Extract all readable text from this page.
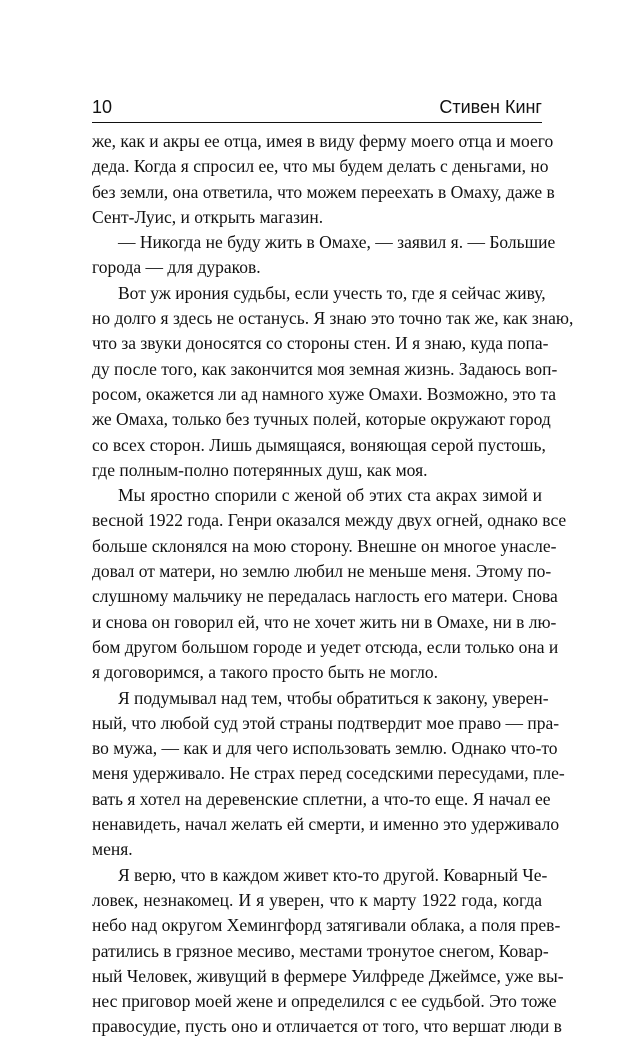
10	Стивен Кинг

же, как и акры ее отца, имея в виду ферму моего отца и моего
деда. Когда я спросил ее, что мы будем делать с деньгами, но
без земли, она ответила, что можем переехать в Омаху, даже в
Сент-Луис, и открыть магазин.

— Никогда не буду жить в Омахе, — заявил я. — Большие
города — для дураков.

Вот уж ирония судьбы, если учесть то, где я сейчас живу,
но долго я здесь не останусь. Я знаю это точно так же, как знаю,
что за звуки доносятся со стороны стен. И я знаю, куда попа-
ду после того, как закончится моя земная жизнь. Задаюсь воп-
росом, окажется ли ад намного хуже Омахи. Возможно, это та
же Омаха, только без тучных полей, которые окружают город
со всех сторон. Лишь дымящаяся, воняющая серой пустошь,
где полным-полно потерянных душ, как моя.

Мы яростно спорили с женой об этих ста акрах зимой и
весной 1922 года. Генри оказался между двух огней, однако все
больше склонялся на мою сторону. Внешне он многое унасле-
довал от матери, но землю любил не меньше меня. Этому по-
слушному мальчику не передалась наглость его матери. Снова
и снова он говорил ей, что не хочет жить ни в Омахе, ни в лю-
бом другом большом городе и уедет отсюда, если только она и
я договоримся, а такого просто быть не могло.

Я подумывал над тем, чтобы обратиться к закону, уверен-
ный, что любой суд этой страны подтвердит мое право — пра-
во мужа, — как и для чего использовать землю. Однако что-то
меня удерживало. Не страх перед соседскими пересудами, пле-
вать я хотел на деревенские сплетни, а что-то еще. Я начал ее
ненавидеть, начал желать ей смерти, и именно это удерживало
меня.

Я верю, что в каждом живет кто-то другой. Коварный Че-
ловек, незнакомец. И я уверен, что к марту 1922 года, когда
небо над округом Хемингфорд затягивали облака, а поля прев-
ратились в грязное месиво, местами тронутое снегом, Ковар-
ный Человек, живущий в фермере Уилфреде Джеймсе, уже вы-
нес приговор моей жене и определился с ее судьбой. Это тоже
правосудие, пусть оно и отличается от того, что вершат люди в
